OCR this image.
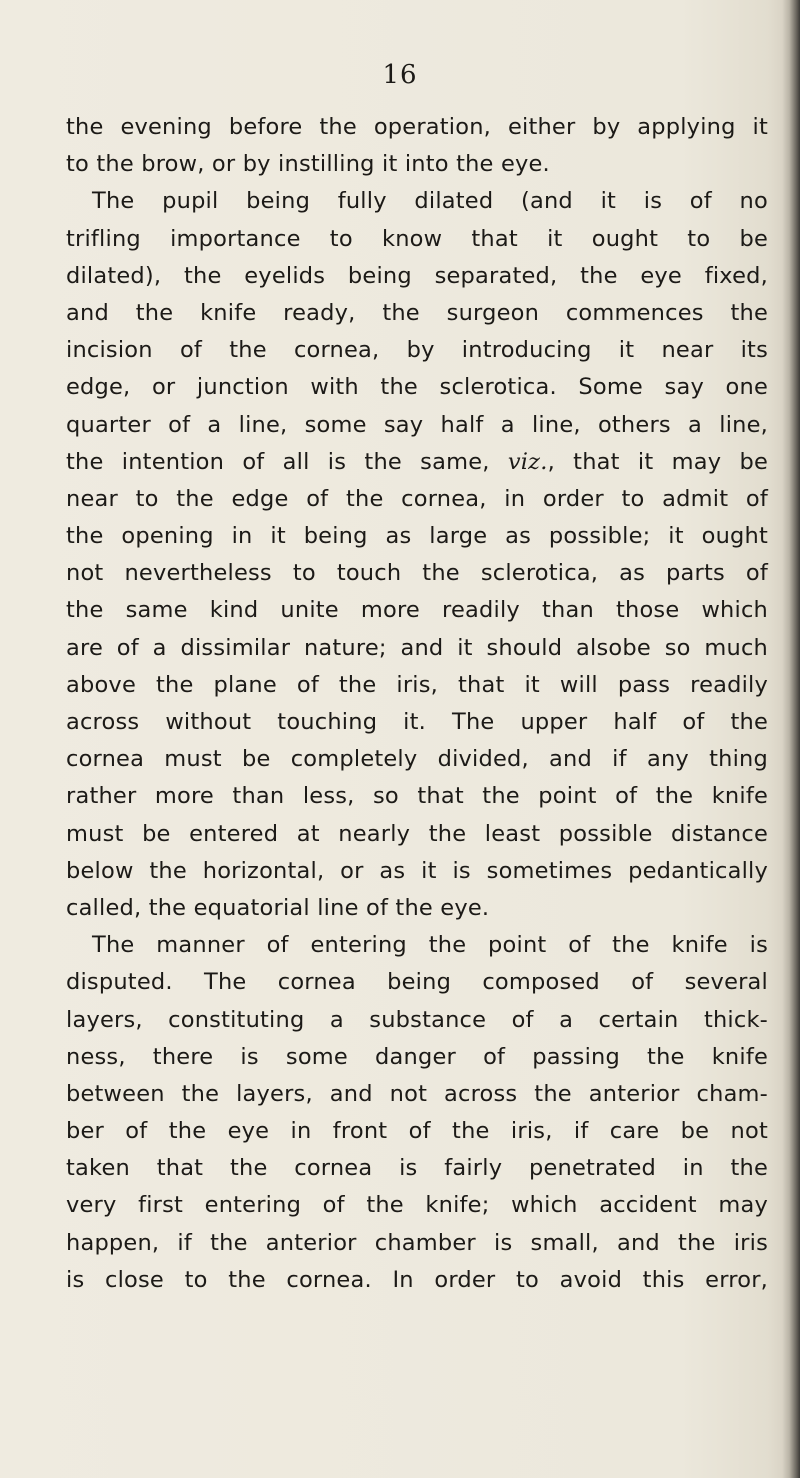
16
the evening before the operation, either by applying it
to the brow, or by instilling it into the eye.
The pupil being fully dilated (and it is of no
trifling importance to know that it ought to be
dilated), the eyelids being separated, the eye fixed,
and the knife ready, the surgeon commences the
incision of the cornea, by introducing it near its
edge, or junction with the sclerotica. Some say one
quarter of a line, some say half a line, others a line,
the intention of all is the same, viz., that it may be
near to the edge of the cornea, in order to admit of
the opening in it being as large as possible; it ought
not nevertheless to touch the sclerotica, as parts of
the same kind unite more readily than those which
are of a dissimilar nature; and it should alsobe so much
above the plane of the iris, that it will pass readily
across without touching it. The upper half of the
cornea must be completely divided, and if any thing
rather more than less, so that the point of the knife
must be entered at nearly the least possible distance
below the horizontal, or as it is sometimes pedantically
called, the equatorial line of the eye.
The manner of entering the point of the knife is
disputed. The cornea being composed of several
layers, constituting a substance of a certain thick-
ness, there is some danger of passing the knife
between the layers, and not across the anterior cham-
ber of the eye in front of the iris, if care be not
taken that the cornea is fairly penetrated in the
very first entering of the knife; which accident may
happen, if the anterior chamber is small, and the iris
is close to the cornea. In order to avoid this error,
